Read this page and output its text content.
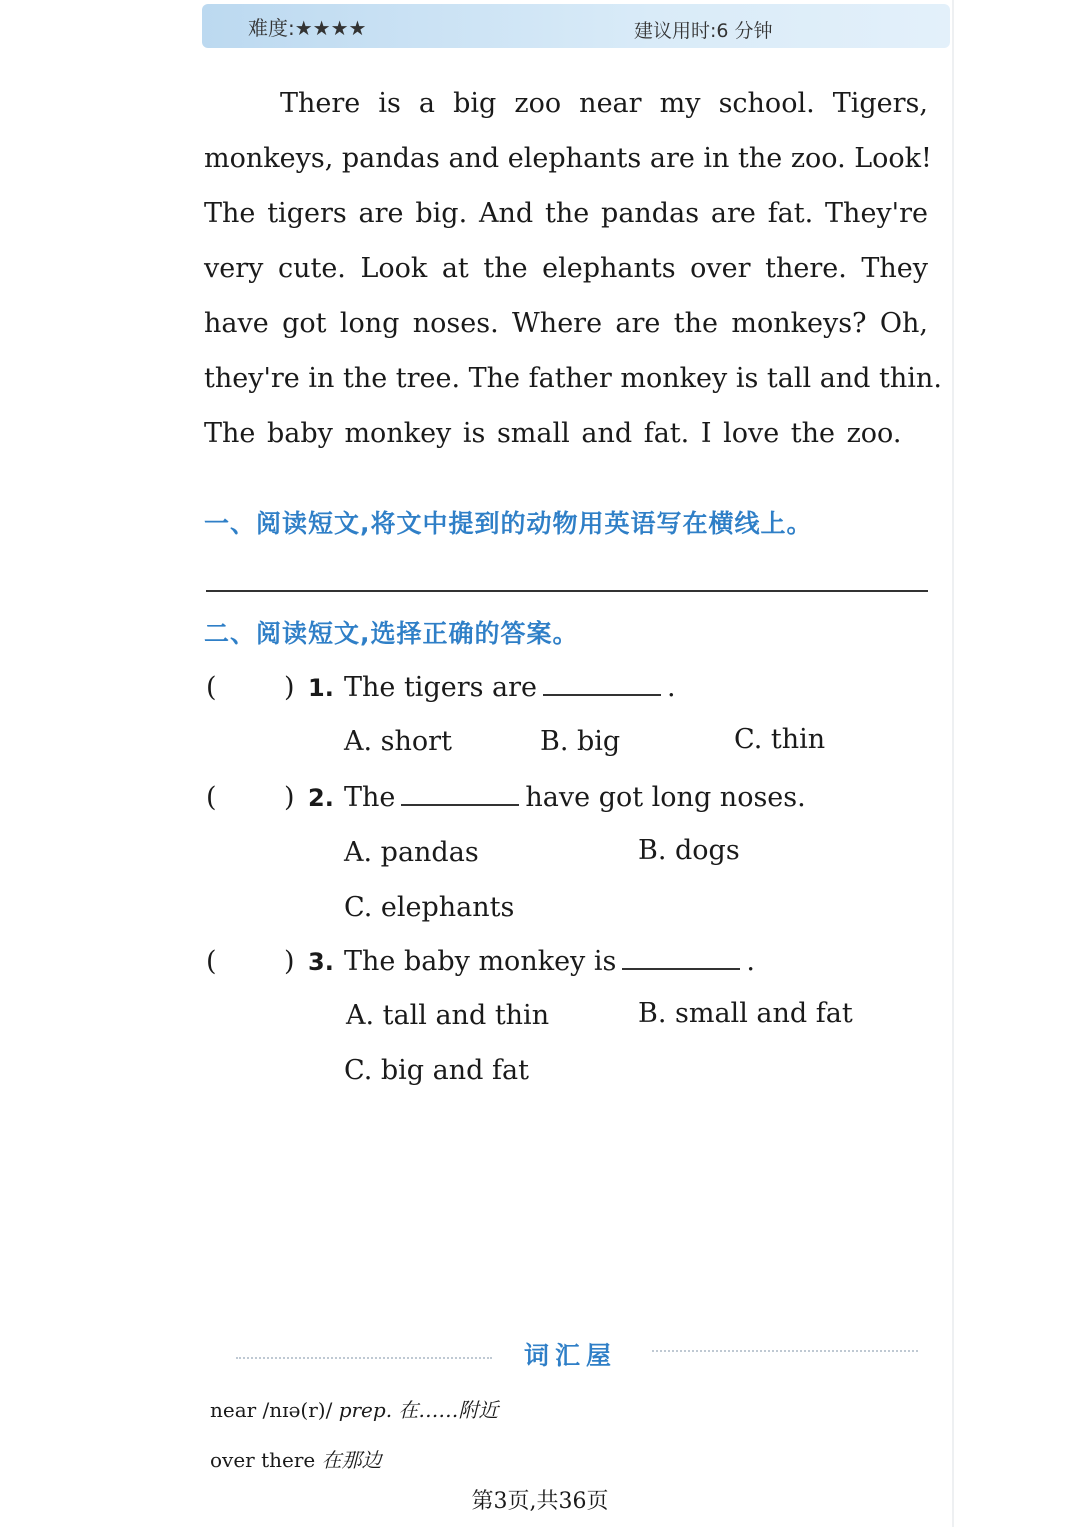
难度:★★★★	建议用时:6 分钟
There is a big zoo near my school. Tigers,
monkeys, pandas and elephants are in the zoo. Look!
The tigers are big. And the pandas are fat. They're
very cute. Look at the elephants over there. They
have got long noses. Where are the monkeys? Oh,
they're in the tree. The father monkey is tall and thin.
The baby monkey is small and fat. I love the zoo.
一、阅读短文,将文中提到的动物用英语写在横线上。
二、阅读短文,选择正确的答案。
( ) 1. The tigers are	.
A. short	B. big	C. thin
( ) 2. The	have got long noses.
A. pandas	B. dogs
C. elephants
( ) 3. The baby monkey is	.
A. tall and thin	B. small and fat
C. big and fat
词汇屋
near /nɪə(r)/ prep. 在……附近
over there 在那边
第3页,共36页
